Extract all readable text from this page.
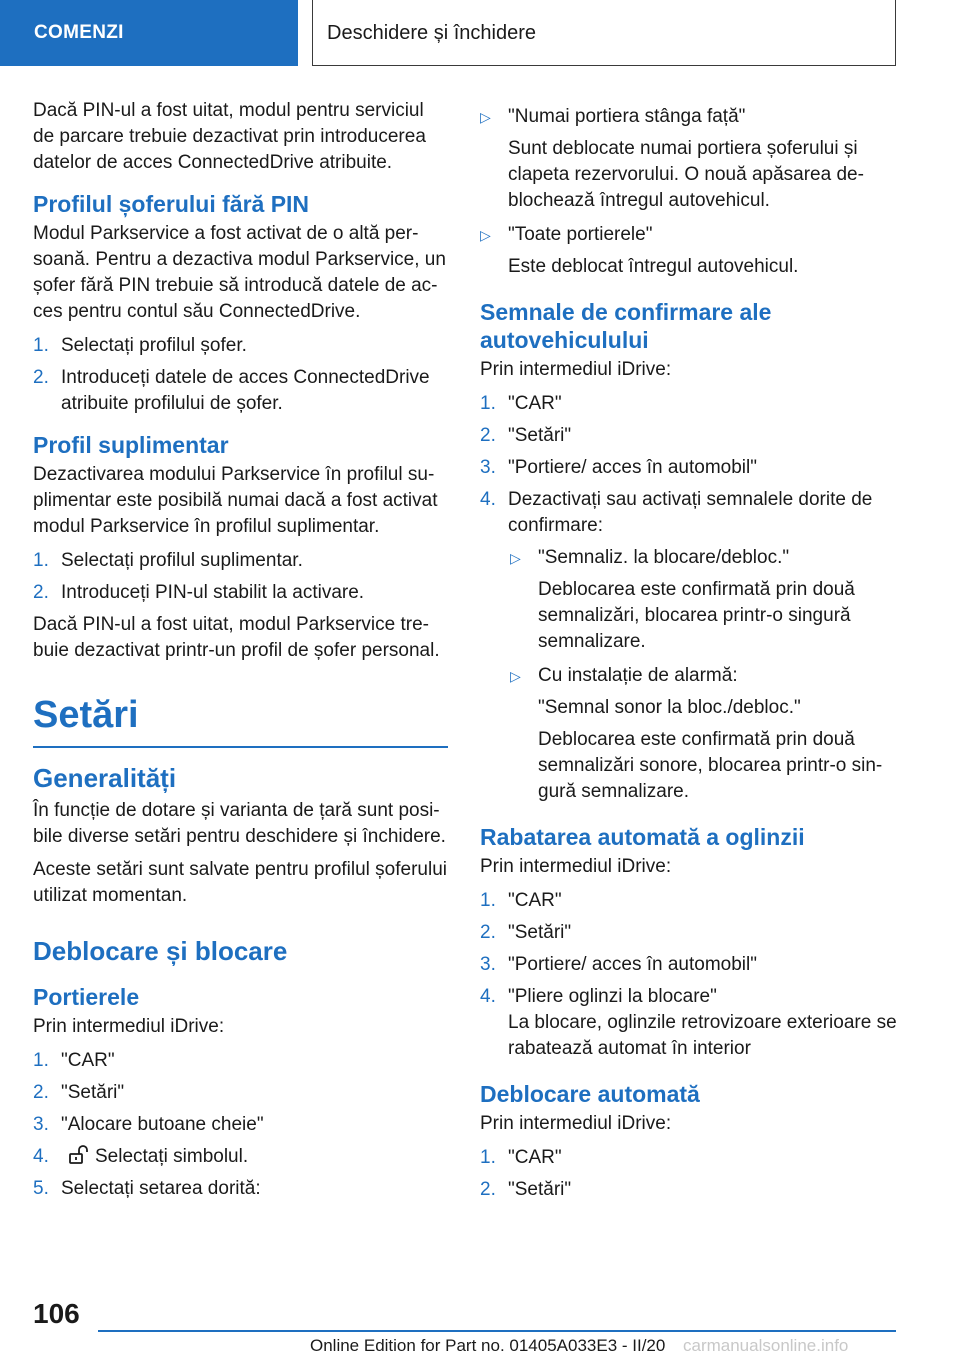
COMENZI	Deschidere și închidere

Dacă PIN-ul a fost uitat, modul pentru serviciul de parcare trebuie dezactivat prin introducerea datelor de acces ConnectedDrive atribuite.

Profilul șoferului fără PIN

Modul Parkservice a fost activat de o altă per-soană. Pentru a dezactiva modul Parkservice, un șofer fără PIN trebuie să introducă datele de ac-ces pentru contul său ConnectedDrive.

1. Selectați profilul șofer.
2. Introduceți datele de acces ConnectedDrive atribuite profilului de șofer.
Profil suplimentar

Dezactivarea modului Parkservice în profilul su-plimentar este posibilă numai dacă a fost activat modul Parkservice în profilul suplimentar.

1. Selectați profilul suplimentar.
2. Introduceți PIN-ul stabilit la activare.

Dacă PIN-ul a fost uitat, modul Parkservice tre-buie dezactivat printr-un profil de șofer personal.

Setări
Generalități

În funcție de dotare și varianta de țară sunt posi-bile diverse setări pentru deschidere și închidere.

Aceste setări sunt salvate pentru profilul șoferului utilizat momentan.

Deblocare și blocare
Portierele

Prin intermediul iDrive:

1. "CAR"
2. "Setări"
3. "Alocare butoane cheie"
4. Selectați simbolul.
5. Selectați setarea dorită:
▷ "Numai portiera stânga față"
Sunt deblocate numai portiera șoferului și clapeta rezervorului. O nouă apăsarea de-blochează întregul autovehicul.
▷ "Toate portierele"
Este deblocat întregul autovehicul.
Semnale de confirmare ale autovehiculului

Prin intermediul iDrive:

1. "CAR"
2. "Setări"
3. "Portiere/ acces în automobil"
4. Dezactivați sau activați semnalele dorite de confirmare:
▷ "Semnaliz. la blocare/debloc."
Deblocarea este confirmată prin două semnalizări, blocarea printr-o singură semnalizare.
▷ Cu instalație de alarmă:
"Semnal sonor la bloc./debloc."
Deblocarea este confirmată prin două semnalizări sonore, blocarea printr-o sin-gură semnalizare.
Rabatarea automată a oglinzii

Prin intermediul iDrive:

1. "CAR"
2. "Setări"
3. "Portiere/ acces în automobil"
4. "Pliere oglinzi la blocare"
La blocare, oglinzile retrovizoare exterioare se rabatează automat în interior
Deblocare automată

Prin intermediul iDrive:

1. "CAR"
2. "Setări"
106
Online Edition for Part no. 01405A033E3 - II/20 carmanualsonline.info
